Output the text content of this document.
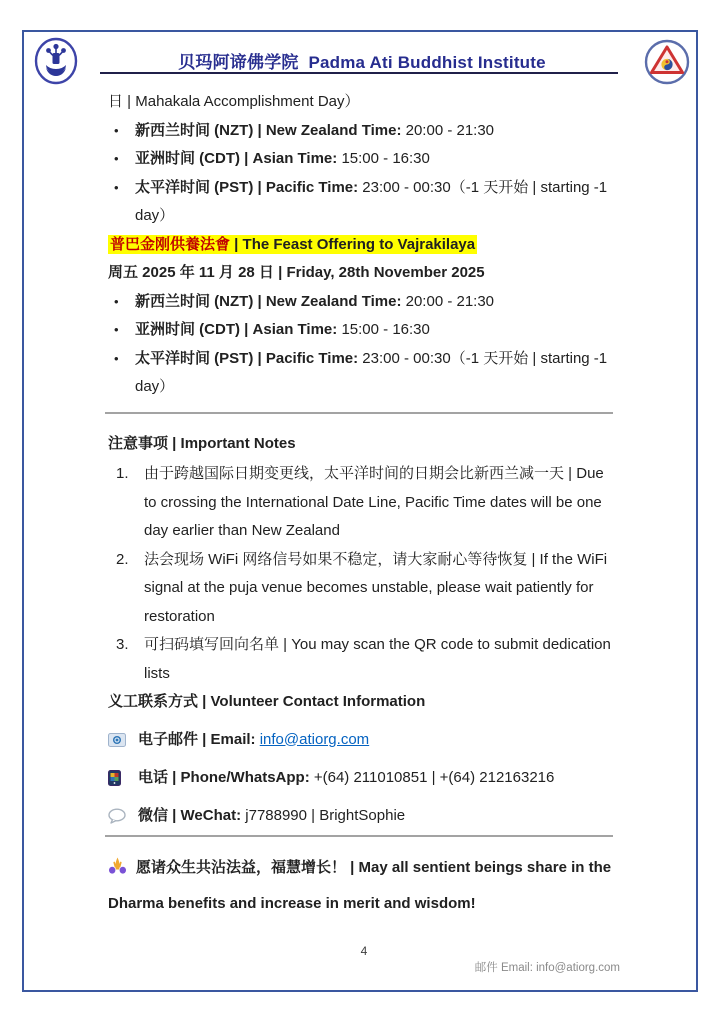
贝玛阿谛佛学院 Padma Ati Buddhist Institute

日 | Mahakala Accomplishment Day）

•	新西兰时间 (NZT) | New Zealand Time: 20:00 - 21:30
•	亚洲时间 (CDT) | Asian Time: 15:00 - 16:30
•	太平洋时间 (PST) | Pacific Time: 23:00 - 00:30（-1 天开始 | starting -1 day）

普巴金刚供養法會 | The Feast Offering to Vajrakilaya

周五 2025 年 11 月 28 日 | Friday, 28th November 2025

•	新西兰时间 (NZT) | New Zealand Time: 20:00 - 21:30
•	亚洲时间 (CDT) | Asian Time: 15:00 - 16:30
•	太平洋时间 (PST) | Pacific Time: 23:00 - 00:30（-1 天开始 | starting -1 day）

注意事项 | Important Notes

1.	由于跨越国际日期变更线，太平洋时间的日期会比新西兰减一天 | Due to crossing the International Date Line, Pacific Time dates will be one day earlier than New Zealand
2.	法会现场 WiFi 网络信号如果不稳定，请大家耐心等待恢复 | If the WiFi signal at the puja venue becomes unstable, please wait patiently for restoration
3.	可扫码填写回向名单 | You may scan the QR code to submit dedication lists

义工联系方式 | Volunteer Contact Information

电子邮件 | Email: info@atiorg.com
电话 | Phone/WhatsApp: +(64) 211010851 | +(64) 212163216
微信 | WeChat: j7788990 | BrightSophie

愿诸众生共沾法益，福慧增长！ | May all sentient beings share in the Dharma benefits and increase in merit and wisdom!

4

邮件 Email: info@atiorg.com
